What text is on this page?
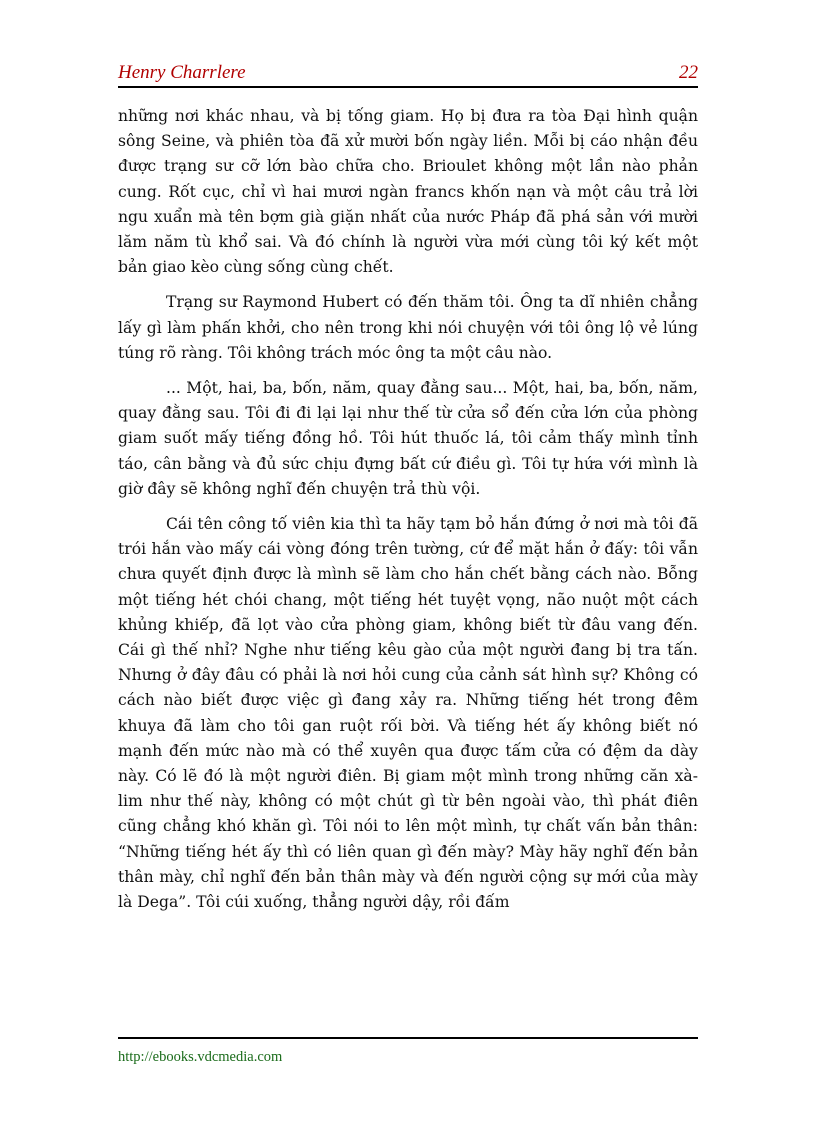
Henry Charrlere	22

những nơi khác nhau, và bị tống giam. Họ bị đưa ra tòa Đại hình quận sông Seine, và phiên tòa đã xử mười bốn ngày liền. Mỗi bị cáo nhận đều được trạng sư cỡ lớn bào chữa cho. Brioulet không một lần nào phản cung. Rốt cục, chỉ vì hai mươi ngàn francs khốn nạn và một câu trả lời ngu xuẩn mà tên bợm già giặn nhất của nước Pháp đã phá sản với mười lăm năm tù khổ sai. Và đó chính là người vừa mới cùng tôi ký kết một bản giao kèo cùng sống cùng chết.

Trạng sư Raymond Hubert có đến thăm tôi. Ông ta dĩ nhiên chẳng lấy gì làm phấn khởi, cho nên trong khi nói chuyện với tôi ông lộ vẻ lúng túng rõ ràng. Tôi không trách móc ông ta một câu nào.

... Một, hai, ba, bốn, năm, quay đằng sau... Một, hai, ba, bốn, năm, quay đằng sau. Tôi đi đi lại lại như thế từ cửa sổ đến cửa lớn của phòng giam suốt mấy tiếng đồng hồ. Tôi hút thuốc lá, tôi cảm thấy mình tỉnh táo, cân bằng và đủ sức chịu đựng bất cứ điều gì. Tôi tự hứa với mình là giờ đây sẽ không nghĩ đến chuyện trả thù vội.

Cái tên công tố viên kia thì ta hãy tạm bỏ hắn đứng ở nơi mà tôi đã trói hắn vào mấy cái vòng đóng trên tường, cứ để mặt hắn ở đấy: tôi vẫn chưa quyết định được là mình sẽ làm cho hắn chết bằng cách nào. Bỗng một tiếng hét chói chang, một tiếng hét tuyệt vọng, não nuột một cách khủng khiếp, đã lọt vào cửa phòng giam, không biết từ đâu vang đến. Cái gì thế nhỉ? Nghe như tiếng kêu gào của một người đang bị tra tấn. Nhưng ở đây đâu có phải là nơi hỏi cung của cảnh sát hình sự? Không có cách nào biết được việc gì đang xảy ra. Những tiếng hét trong đêm khuya đã làm cho tôi gan ruột rối bời. Và tiếng hét ấy không biết nó mạnh đến mức nào mà có thể xuyên qua được tấm cửa có đệm da dày này. Có lẽ đó là một người điên. Bị giam một mình trong những căn xà-lim như thế này, không có một chút gì từ bên ngoài vào, thì phát điên cũng chẳng khó khăn gì. Tôi nói to lên một mình, tự chất vấn bản thân: “Những tiếng hét ấy thì có liên quan gì đến mày? Mày hãy nghĩ đến bản thân mày, chỉ nghĩ đến bản thân mày và đến người cộng sự mới của mày là Dega”. Tôi cúi xuống, thẳng người dậy, rồi đấm

http://ebooks.vdcmedia.com
